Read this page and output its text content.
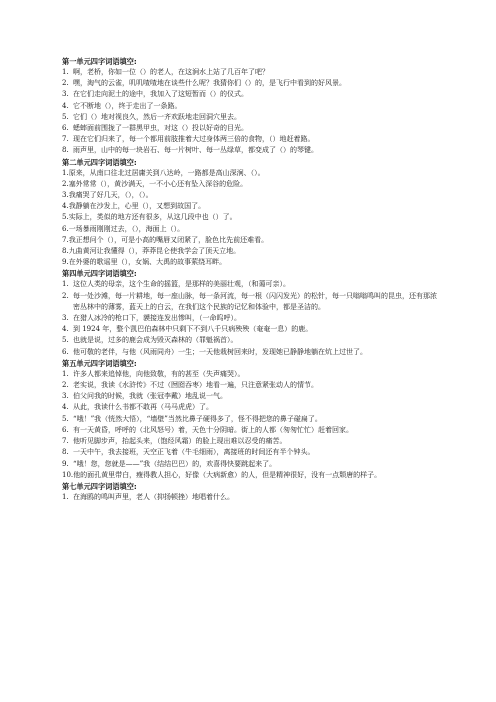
第一单元四字词语填空:

1. 啊，老桥，你如一位（）的老人，在这涧水上站了几百年了吧？

2. 嘿，淘气的云雀，叽叽喳喳地在谈些什么呢？我猜你们（）的，是飞行中看到的好风景。

3. 在它们走向泥土的途中，我加入了这短暂而（）的仪式。

4. 它不断地（），终于走出了一条路。

5. 它们（）地对视良久，然后一齐欢跃地走回洞穴里去。

6. 蟋蟀面前围拢了一群黑甲虫，对这（）投以好奇的目光。

7. 现在它们归来了，每一个都用前肢推着大过身体两三倍的食物，（）地赶着路。

8. 雨声里，山中的每一块岩石、每一片树叶、每一丛绿草，都变成了（）的琴键。

第二单元四字词语填空:

1.原来，从南口往北过居庸关到八达岭，一路都是高山深涧、（）。

2.塞外常常（），黄沙满天，一不小心还有坠入深谷的危险。

3.我痛哭了好几天，（），（）。

4.我静躺在沙发上，心里（），又想到故国了。

5.实际上，类似的地方还有很多，从这几段中也（）了。

6.一场暴雨刚刚过去，（），海面上（）。

7.我正想问个（），可是小高的嘴唇又闭紧了，脸色比先前还难看。

8.九曲黄河让我懂得（），莽莽昆仑使我学会了顶天立地。

9.在外婆的歌谣里（），女娲、大禹的故事萦绕耳畔。

第四单元四字词语填空:

1. 这位人类的母亲，这个生命的摇篮，是那样的美丽壮观，（和蔼可亲）。

2. 每一处沙滩，每一片耕地，每一座山脉，每一条河流，每一根（闪闪发光）的松针，每一只嗡嗡鸣叫的昆虫，还有那浓密丛林中的薄雾，蓝天上的白云，在我们这个民族的记忆和体验中，都是圣洁的。

3. 在猎人冰冷的枪口下，貘接连发出惨叫，（一命呜呼）。

4. 到 1924 年，整个凯巴伯森林中只剩下不到八千只病殃殃（奄奄一息）的鹿。

5. 也就是说，过多的鹿会成为毁灭森林的（罪魁祸首）。

6. 他可敬的老伴，与他（风雨同舟）一生；一天他栽树回来时，发现她已静静地躺在炕上过世了。

第五单元四字词语填空:

1. 许多人都来追悼他，向他致敬，有的甚至（失声痛哭）。

2. 老实说，我读《水浒传》不过（囫囵吞枣）地看一遍，只注意紧张动人的情节。

3. 伯父问我的时候，我就（张冠李戴）地乱说一气。

4. 从此，我读什么书都不敢再（马马虎虎）了。

5. “哦！”我（恍然大悟），“墙壁”当然比鼻子硬得多了，怪不得把您的鼻子碰扁了。

6. 有一天黄昏，呼呼的（北风怒号）着，天色十分阴暗。街上的人都（匆匆忙忙）赶着回家。

7. 他听见脚步声，抬起头来，（饱经风霜）的脸上现出难以忍受的痛苦。

8. 一天中午，我去接班，天空正飞着（牛毛细雨），离接班的时间还有半个钟头。

9. “哦！您，您就是——”我（结结巴巴）的，欢喜得快要跳起来了。

10.他的面孔黄里带白，瘦得教人担心，好像（大病新愈）的人，但是精神很好，没有一点颓唐的样子。

第七单元四字词语填空:

1. 在海鸥的鸣叫声里，老人（抑扬顿挫）地唱着什么。
